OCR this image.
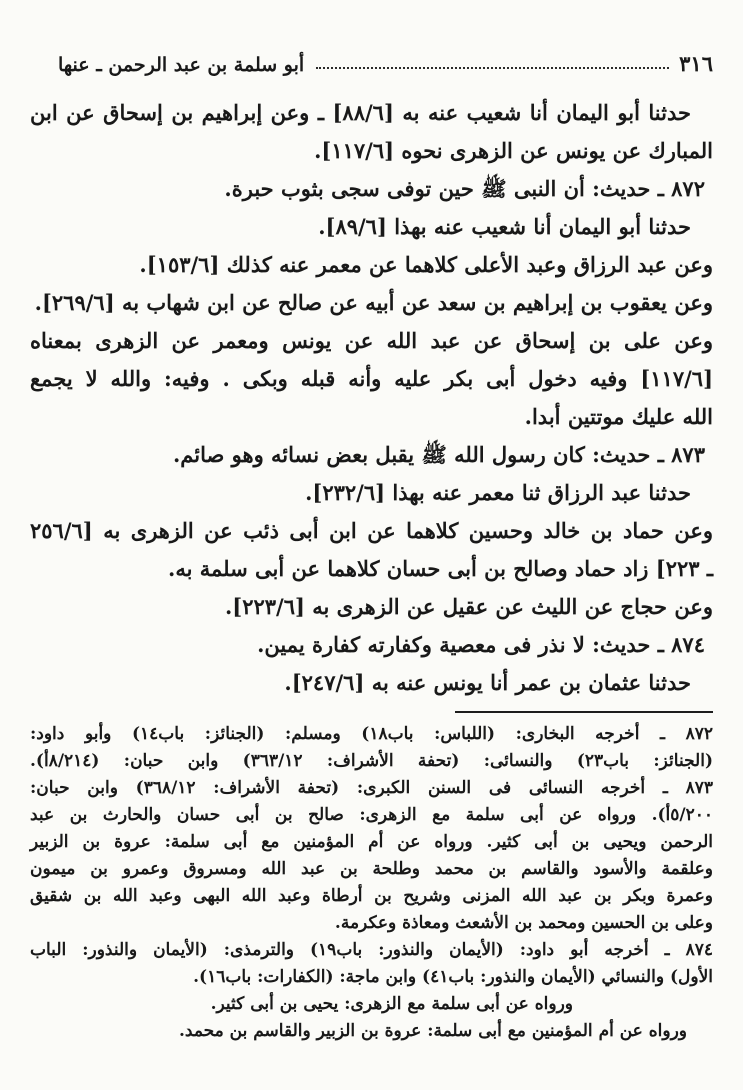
٣١٦
أبو سلمة بن عبد الرحمن ـ عنها

حدثنا أبو اليمان أنا شعيب عنه به [٨٨/٦] ـ وعن إبراهيم بن إسحاق عن ابن

المبارك عن يونس عن الزهرى نحوه [١١٧/٦].

٨٧٢ ـ حديث: أن النبى ﷺ حين توفى سجى بثوب حبرة.

حدثنا أبو اليمان أنا شعيب عنه بهذا [٨٩/٦].

وعن عبد الرزاق وعبد الأعلى كلاهما عن معمر عنه كذلك [١٥٣/٦].

وعن يعقوب بن إبراهيم بن سعد عن أبيه عن صالح عن ابن شهاب به [٢٦٩/٦].

وعن على بن إسحاق عن عبد الله عن يونس ومعمر عن الزهرى بمعناه

[١١٧/٦] وفيه دخول أبى بكر عليه وأنه قبله وبكى . وفيه: والله لا يجمع

الله عليك موتتين أبدا.

٨٧٣ ـ حديث: كان رسول الله ﷺ يقبل بعض نسائه وهو صائم.

حدثنا عبد الرزاق ثنا معمر عنه بهذا [٢٣٢/٦].

وعن حماد بن خالد وحسين كلاهما عن ابن أبى ذئب عن الزهرى به [٢٥٦/٦

ـ ٢٢٣] زاد حماد وصالح بن أبى حسان كلاهما عن أبى سلمة به.

وعن حجاج عن الليث عن عقيل عن الزهرى به [٢٢٣/٦].

٨٧٤ ـ حديث: لا نذر فى معصية وكفارته كفارة يمين.

حدثنا عثمان بن عمر أنا يونس عنه به [٢٤٧/٦].

٨٧٢ ـ أخرجه البخارى: (اللباس: باب١٨) ومسلم: (الجنائز: باب١٤) وأبو داود:

(الجنائز: باب٢٣) والنسائى: (تحفة الأشراف: ٣٦٣/١٢) وابن حبان: (٨/٢١٤أ).

٨٧٣ ـ أخرجه النسائى فى السنن الكبرى: (تحفة الأشراف: ٣٦٨/١٢) وابن حبان:

٥/٢٠٠أ). ورواه عن أبى سلمة مع الزهرى: صالح بن أبى حسان والحارث بن عبد

الرحمن ويحيى بن أبى كثير. ورواه عن أم المؤمنين مع أبى سلمة: عروة بن الزبير

وعلقمة والأسود والقاسم بن محمد وطلحة بن عبد الله ومسروق وعمرو بن ميمون

وعمرة وبكر بن عبد الله المزنى وشريح بن أرطاة وعبد الله البهى وعبد الله بن شقيق

وعلى بن الحسين ومحمد بن الأشعث ومعاذة وعكرمة.

٨٧٤ ـ أخرجه أبو داود: (الأيمان والنذور: باب١٩) والترمذى: (الأيمان والنذور: الباب

الأول) والنسائي (الأيمان والنذور: باب٤١) وابن ماجة: (الكفارات: باب١٦).

ورواه عن أبى سلمة مع الزهرى: يحيى بن أبى كثير.

ورواه عن أم المؤمنين مع أبى سلمة: عروة بن الزبير والقاسم بن محمد.
